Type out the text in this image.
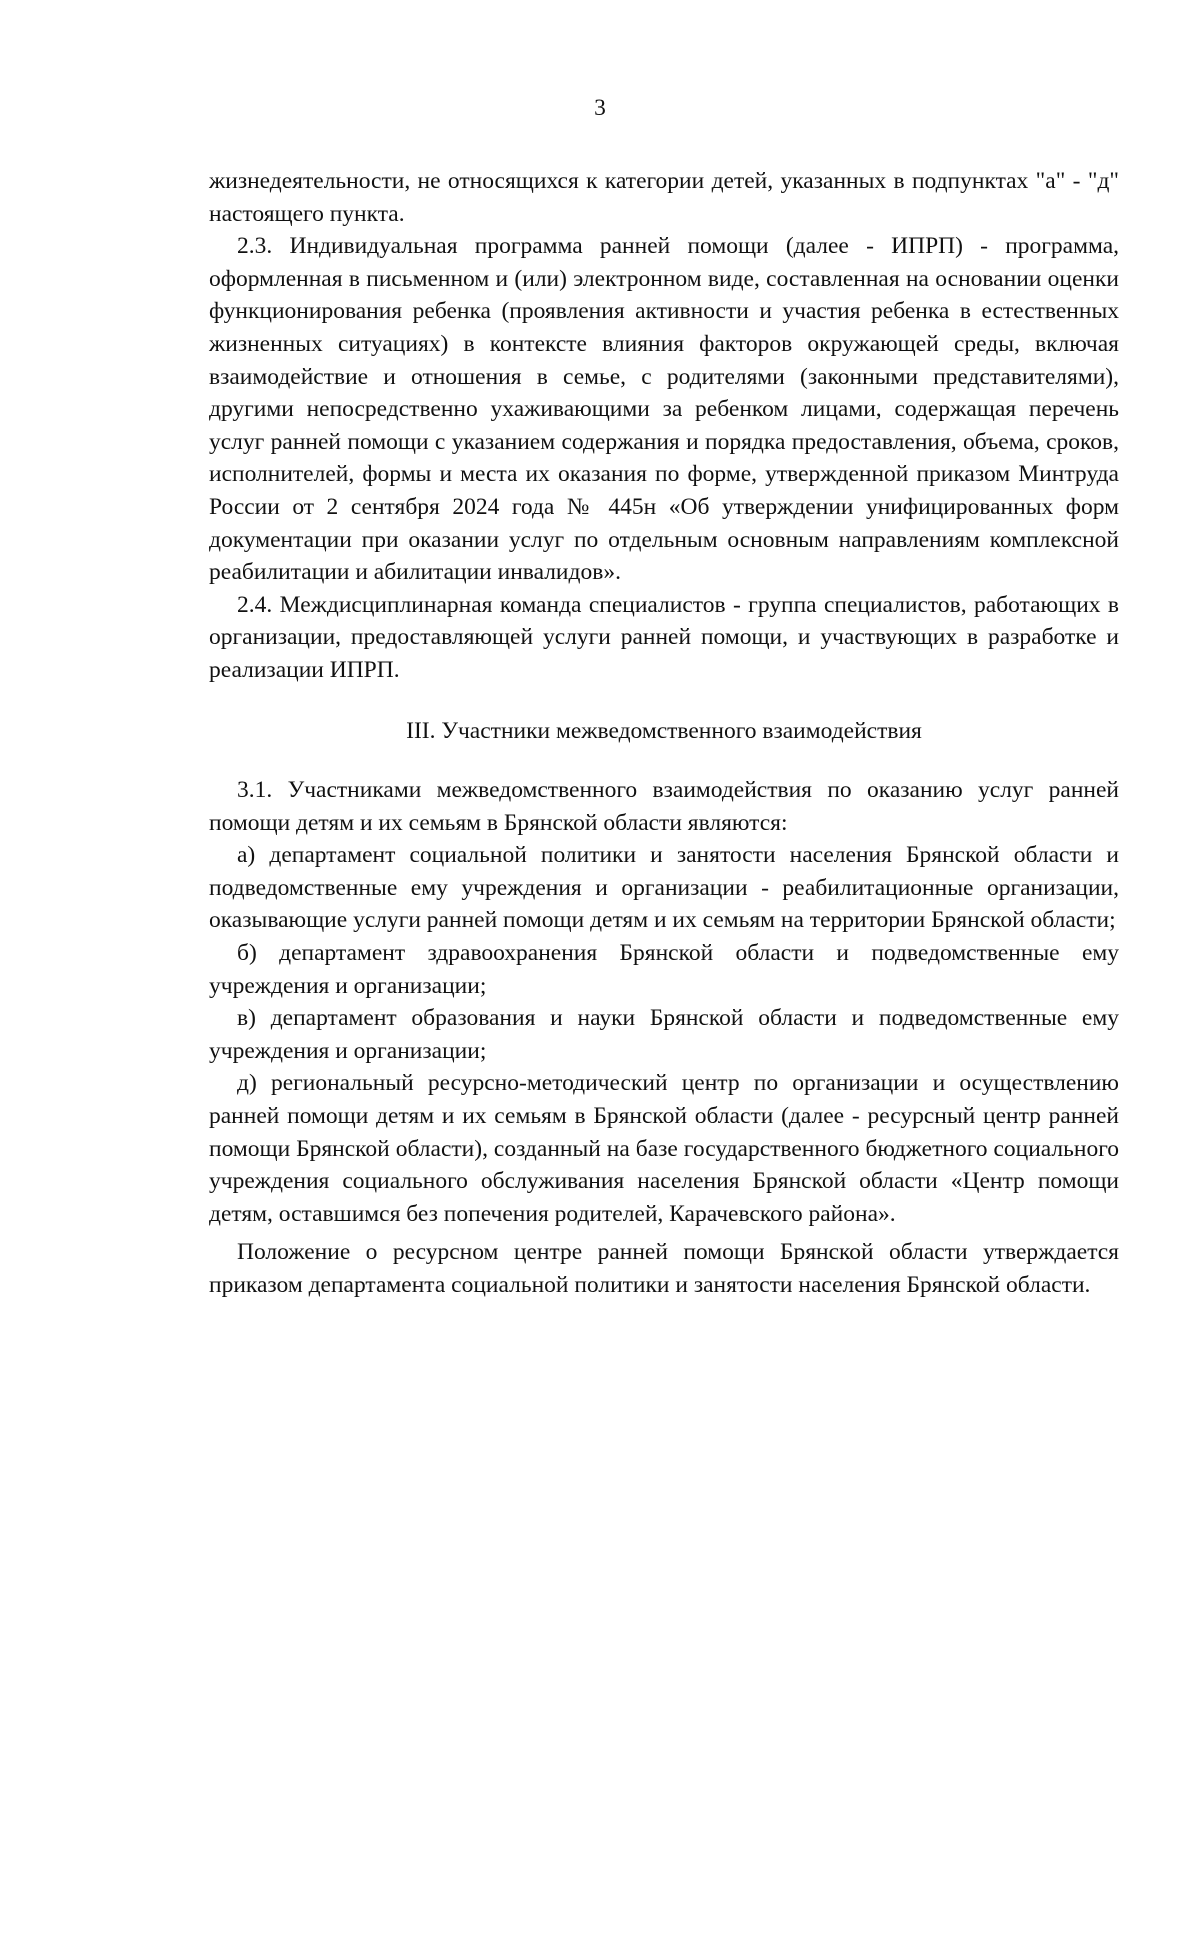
3

жизнедеятельности, не относящихся к категории детей, указанных в подпунктах "а" - "д" настоящего пункта.

2.3. Индивидуальная программа ранней помощи (далее - ИПРП) - программа, оформленная в письменном и (или) электронном виде, составленная на основании оценки функционирования ребенка (проявления активности и участия ребенка в естественных жизненных ситуациях) в контексте влияния факторов окружающей среды, включая взаимодействие и отношения в семье, с родителями (законными представителями), другими непосредственно ухаживающими за ребенком лицами, содержащая перечень услуг ранней помощи с указанием содержания и порядка предоставления, объема, сроков, исполнителей, формы и места их оказания по форме, утвержденной приказом Минтруда России от 2 сентября 2024 года № 445н «Об утверждении унифицированных форм документации при оказании услуг по отдельным основным направлениям комплексной реабилитации и абилитации инвалидов».

2.4. Междисциплинарная команда специалистов - группа специалистов, работающих в организации, предоставляющей услуги ранней помощи, и участвующих в разработке и реализации ИПРП.

III. Участники межведомственного взаимодействия

3.1. Участниками межведомственного взаимодействия по оказанию услуг ранней помощи детям и их семьям в Брянской области являются:

а) департамент социальной политики и занятости населения Брянской области и подведомственные ему учреждения и организации - реабилитационные организации, оказывающие услуги ранней помощи детям и их семьям на территории Брянской области;

б) департамент здравоохранения Брянской области и подведомственные ему учреждения и организации;

в) департамент образования и науки Брянской области и подведомственные ему учреждения и организации;

д) региональный ресурсно-методический центр по организации и осуществлению ранней помощи детям и их семьям в Брянской области (далее - ресурсный центр ранней помощи Брянской области), созданный на базе государственного бюджетного социального учреждения социального обслуживания населения Брянской области «Центр помощи детям, оставшимся без попечения родителей, Карачевского района».

Положение о ресурсном центре ранней помощи Брянской области утверждается приказом департамента социальной политики и занятости населения Брянской области.
